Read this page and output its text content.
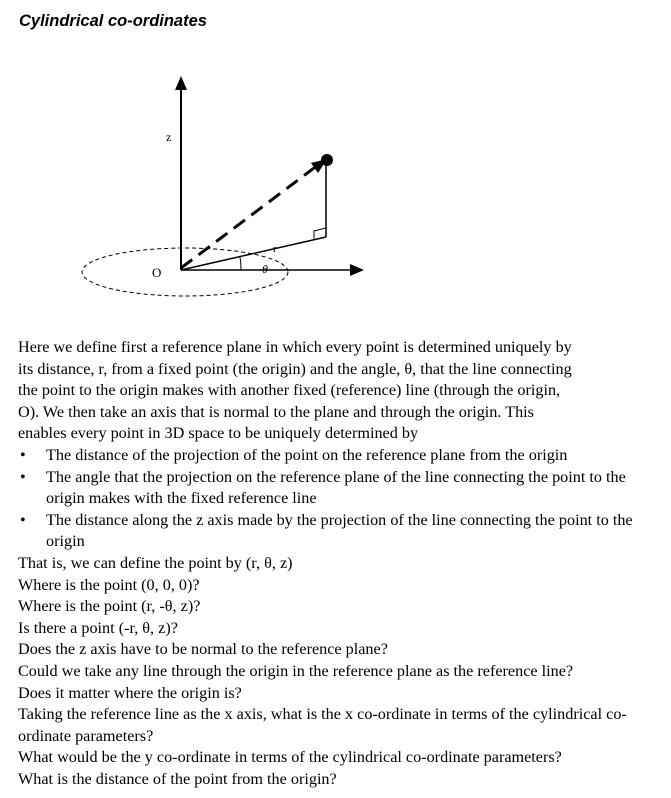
Cylindrical co-ordinates
z
O
r
θ

Here we define first a reference plane in which every point is determined uniquely by

its distance, r, from a fixed point (the origin) and the angle, θ, that the line connecting

the point to the origin makes with another fixed (reference) line (through the origin,

O). We then take an axis that is normal to the plane and through the origin. This

enables every point in 3D space to be uniquely determined by

• The distance of the projection of the point on the reference plane from the origin
• The angle that the projection on the reference plane of the line connecting the point to the origin makes with the fixed reference line
• The distance along the z axis made by the projection of the line connecting the point to the origin

That is, we can define the point by (r, θ, z)

Where is the point (0, 0, 0)?

Where is the point (r, -θ, z)?

Is there a point (-r, θ, z)?

Does the z axis have to be normal to the reference plane?

Could we take any line through the origin in the reference plane as the reference line?

Does it matter where the origin is?

Taking the reference line as the x axis, what is the x co-ordinate in terms of the cylindrical co-ordinate parameters?

What would be the y co-ordinate in terms of the cylindrical co-ordinate parameters?

What is the distance of the point from the origin?
